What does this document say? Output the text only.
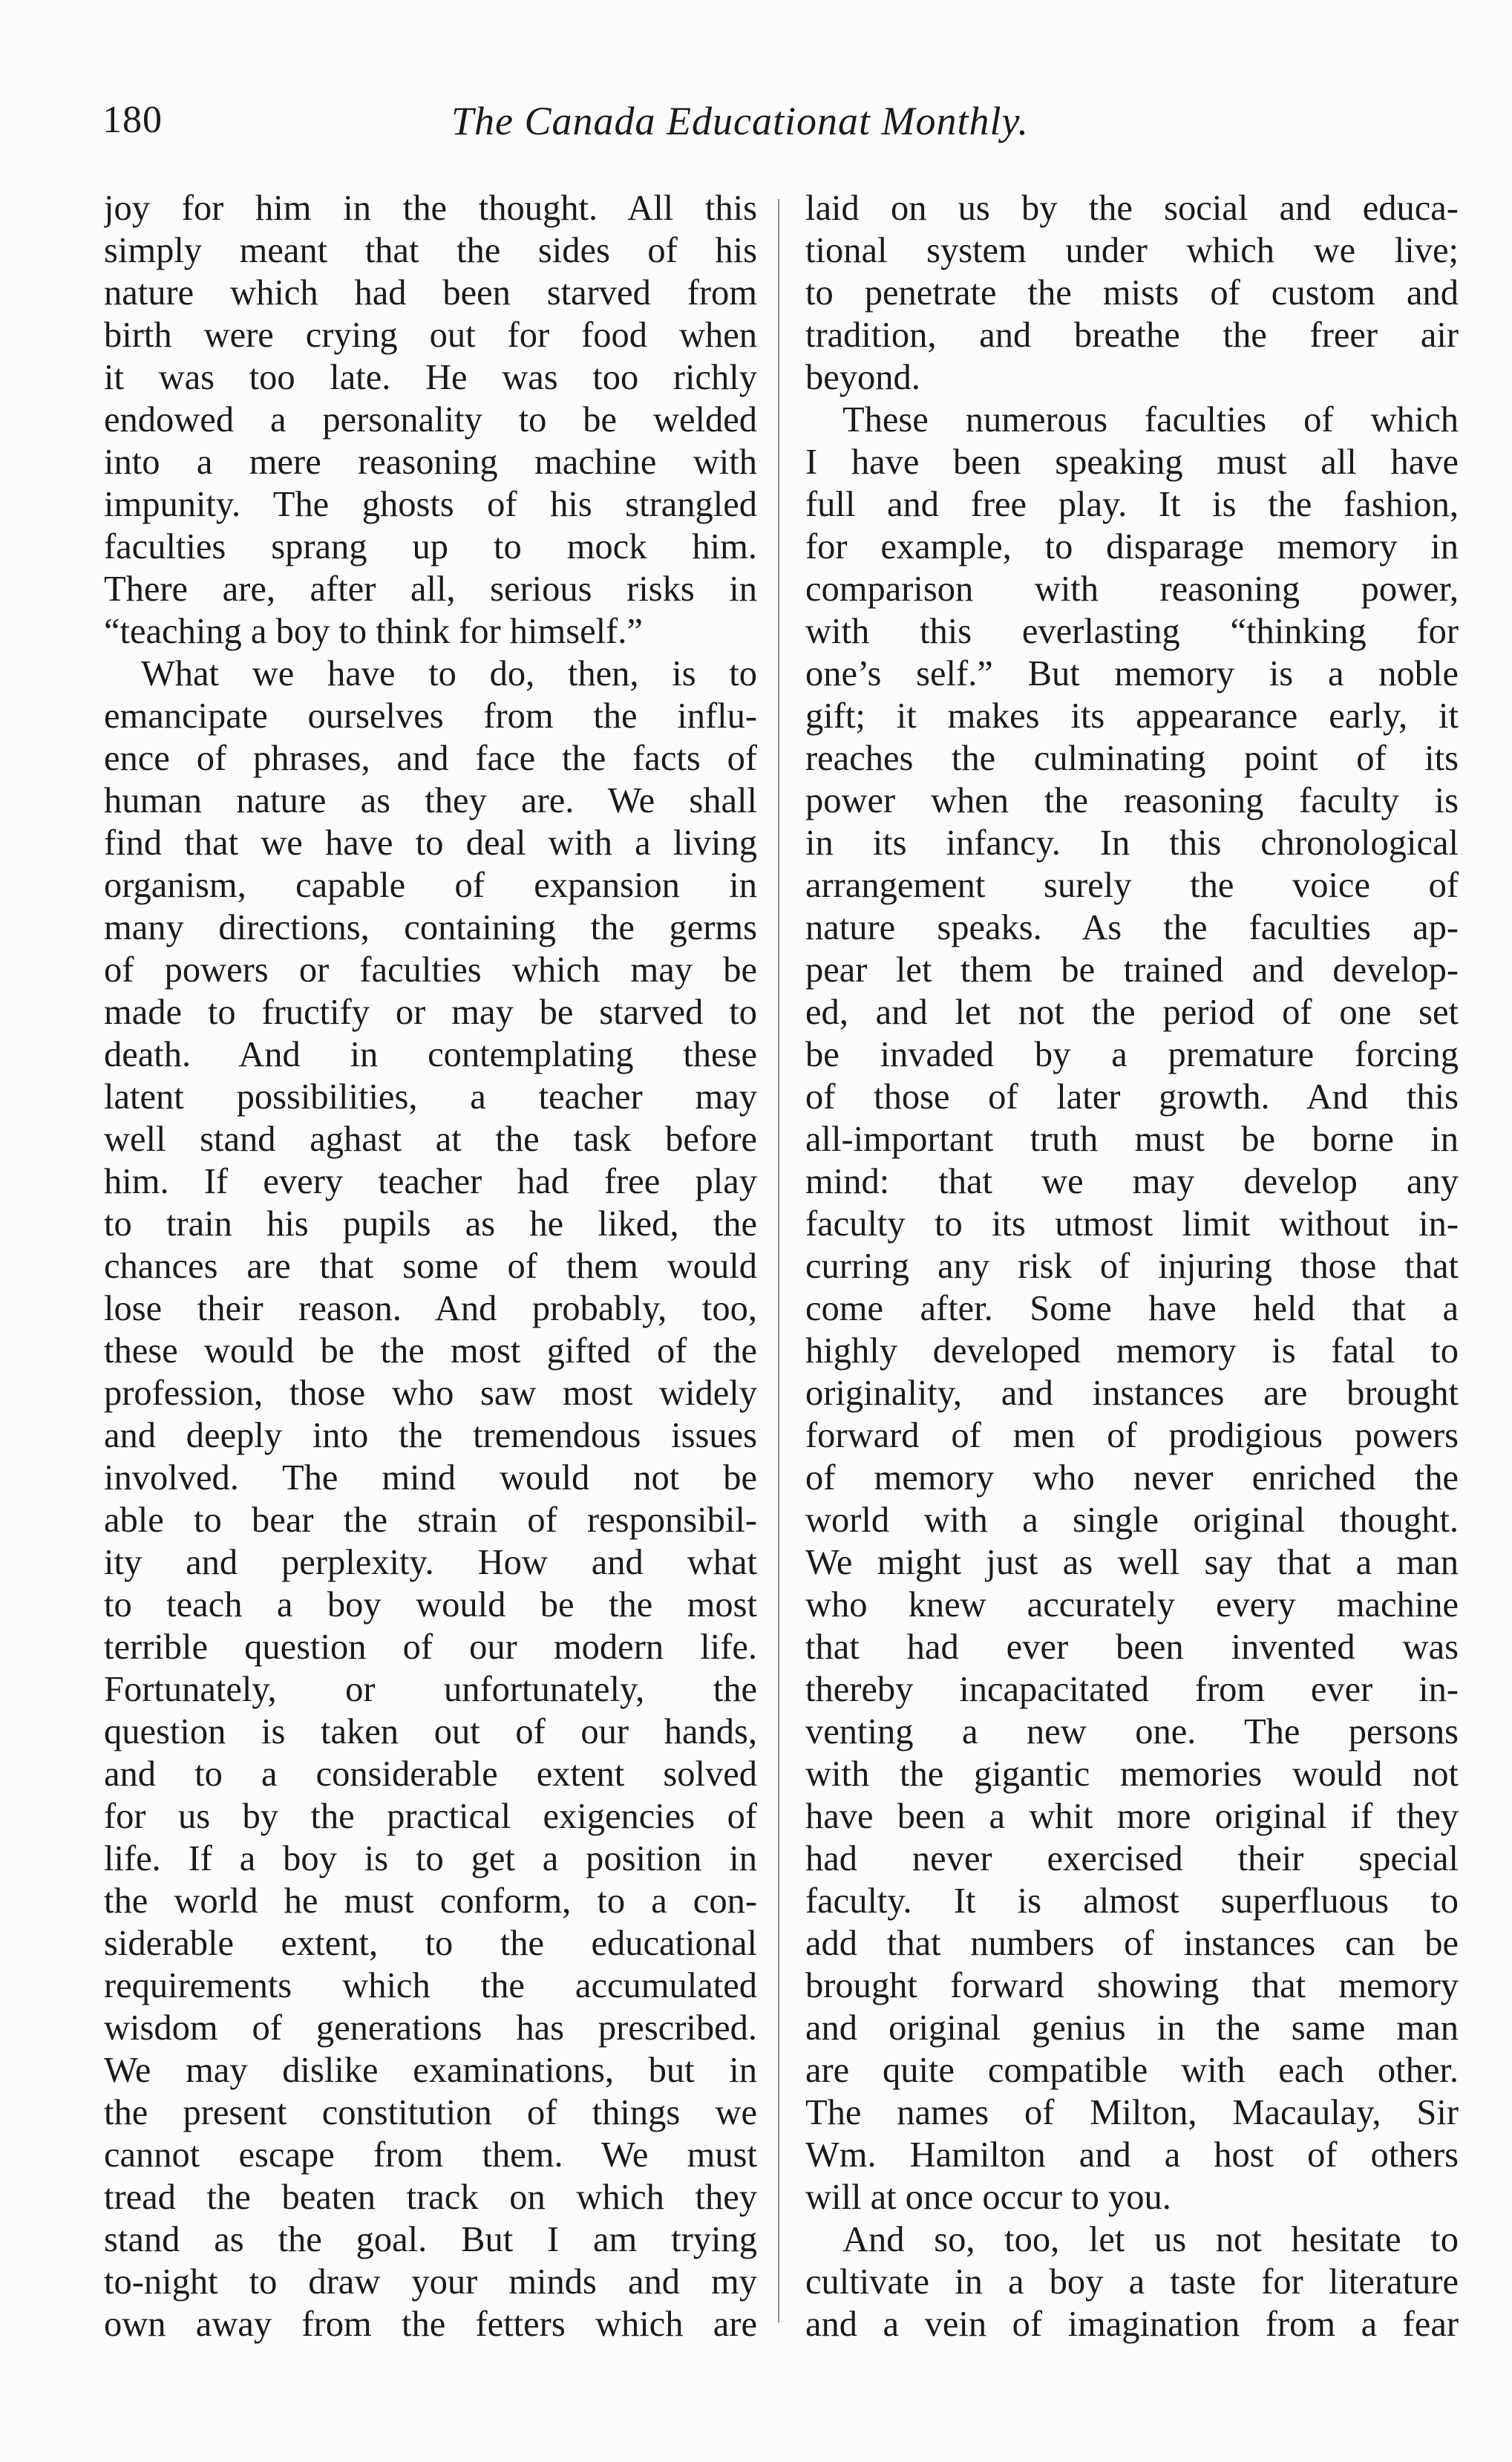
180	The Canada Educationat Monthly.
joy for him in the thought. All this
simply meant that the sides of his
nature which had been starved from
birth were crying out for food when
it was too late. He was too richly
endowed a personality to be welded
into a mere reasoning machine with
impunity. The ghosts of his strangled
faculties sprang up to mock him.
There are, after all, serious risks in
“teaching a boy to think for himself.”
What we have to do, then, is to
emancipate ourselves from the influ-
ence of phrases, and face the facts of
human nature as they are. We shall
find that we have to deal with a living
organism, capable of expansion in
many directions, containing the germs
of powers or faculties which may be
made to fructify or may be starved to
death. And in contemplating these
latent possibilities, a teacher may
well stand aghast at the task before
him. If every teacher had free play
to train his pupils as he liked, the
chances are that some of them would
lose their reason. And probably, too,
these would be the most gifted of the
profession, those who saw most widely
and deeply into the tremendous issues
involved. The mind would not be
able to bear the strain of responsibil-
ity and perplexity. How and what
to teach a boy would be the most
terrible question of our modern life.
Fortunately, or unfortunately, the
question is taken out of our hands,
and to a considerable extent solved
for us by the practical exigencies of
life. If a boy is to get a position in
the world he must conform, to a con-
siderable extent, to the educational
requirements which the accumulated
wisdom of generations has prescribed.
We may dislike examinations, but in
the present constitution of things we
cannot escape from them. We must
tread the beaten track on which they
stand as the goal. But I am trying
to-night to draw your minds and my
own away from the fetters which are
laid on us by the social and educa-
tional system under which we live;
to penetrate the mists of custom and
tradition, and breathe the freer air
beyond.
These numerous faculties of which
I have been speaking must all have
full and free play. It is the fashion,
for example, to disparage memory in
comparison with reasoning power,
with this everlasting “thinking for
one’s self.” But memory is a noble
gift; it makes its appearance early, it
reaches the culminating point of its
power when the reasoning faculty is
in its infancy. In this chronological
arrangement surely the voice of
nature speaks. As the faculties ap-
pear let them be trained and develop-
ed, and let not the period of one set
be invaded by a premature forcing
of those of later growth. And this
all-important truth must be borne in
mind: that we may develop any
faculty to its utmost limit without in-
curring any risk of injuring those that
come after. Some have held that a
highly developed memory is fatal to
originality, and instances are brought
forward of men of prodigious powers
of memory who never enriched the
world with a single original thought.
We might just as well say that a man
who knew accurately every machine
that had ever been invented was
thereby incapacitated from ever in-
venting a new one. The persons
with the gigantic memories would not
have been a whit more original if they
had never exercised their special
faculty. It is almost superfluous to
add that numbers of instances can be
brought forward showing that memory
and original genius in the same man
are quite compatible with each other.
The names of Milton, Macaulay, Sir
Wm. Hamilton and a host of others
will at once occur to you.
And so, too, let us not hesitate to
cultivate in a boy a taste for literature
and a vein of imagination from a fear
